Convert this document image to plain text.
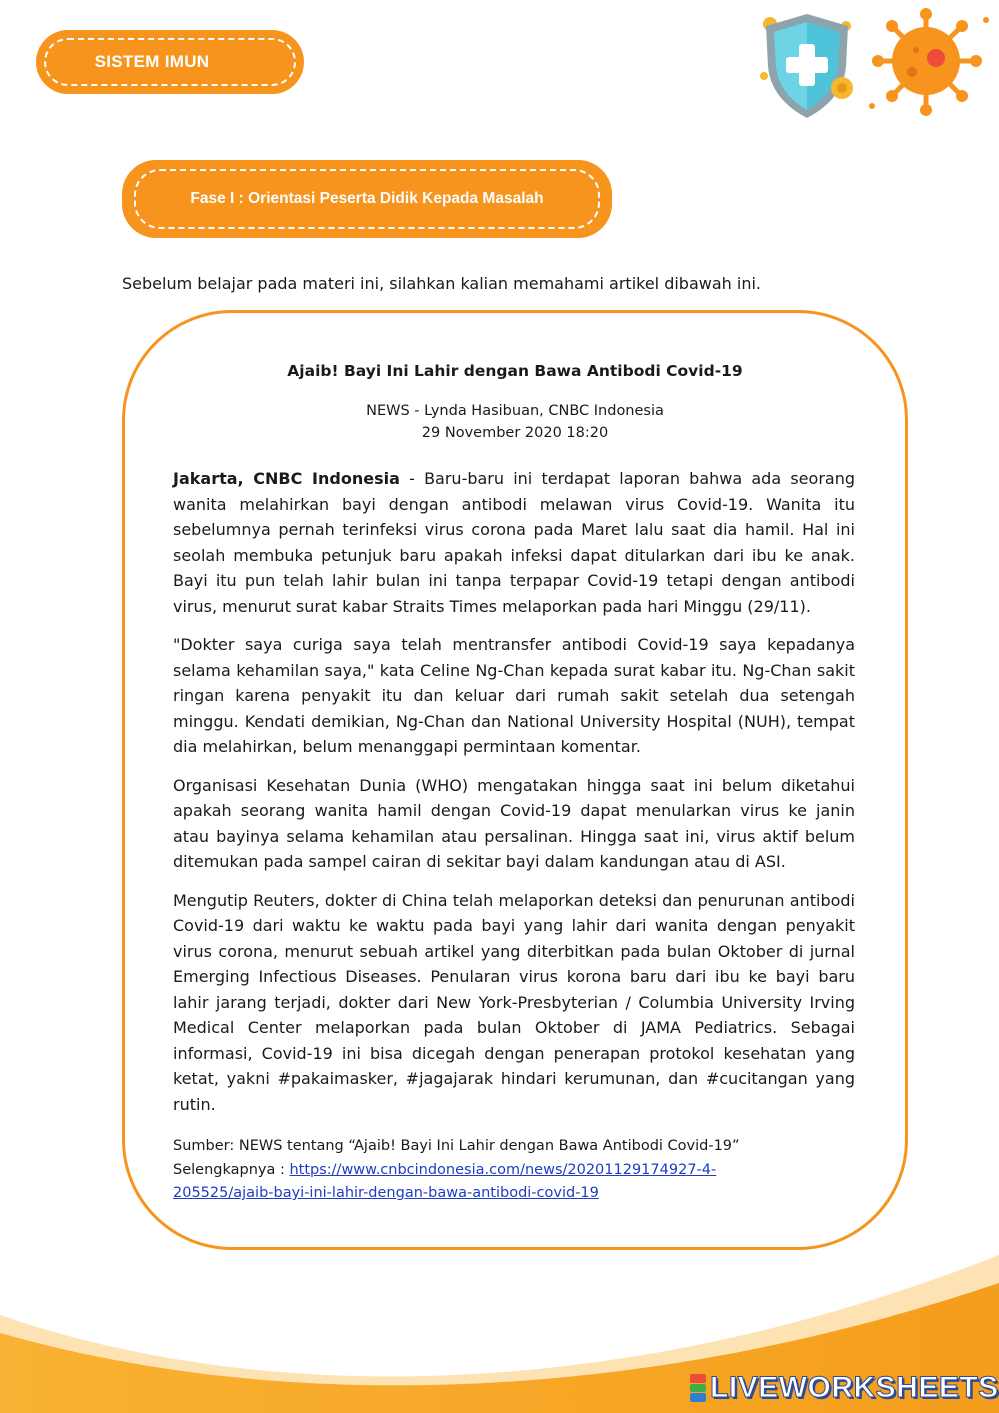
SISTEM IMUN
Fase I : Orientasi Peserta Didik Kepada Masalah
Sebelum belajar pada materi ini, silahkan kalian memahami artikel dibawah ini.
Ajaib! Bayi Ini Lahir dengan Bawa Antibodi Covid-19
NEWS - Lynda Hasibuan, CNBC Indonesia
29 November 2020 18:20

Jakarta, CNBC Indonesia - Baru-baru ini terdapat laporan bahwa ada seorang wanita melahirkan bayi dengan antibodi melawan virus Covid-19. Wanita itu sebelumnya pernah terinfeksi virus corona pada Maret lalu saat dia hamil. Hal ini seolah membuka petunjuk baru apakah infeksi dapat ditularkan dari ibu ke anak. Bayi itu pun telah lahir bulan ini tanpa terpapar Covid-19 tetapi dengan antibodi virus, menurut surat kabar Straits Times melaporkan pada hari Minggu (29/11).

"Dokter saya curiga saya telah mentransfer antibodi Covid-19 saya kepadanya selama kehamilan saya," kata Celine Ng-Chan kepada surat kabar itu. Ng-Chan sakit ringan karena penyakit itu dan keluar dari rumah sakit setelah dua setengah minggu. Kendati demikian, Ng-Chan dan National University Hospital (NUH), tempat dia melahirkan, belum menanggapi permintaan komentar.

Organisasi Kesehatan Dunia (WHO) mengatakan hingga saat ini belum diketahui apakah seorang wanita hamil dengan Covid-19 dapat menularkan virus ke janin atau bayinya selama kehamilan atau persalinan. Hingga saat ini, virus aktif belum ditemukan pada sampel cairan di sekitar bayi dalam kandungan atau di ASI.

Mengutip Reuters, dokter di China telah melaporkan deteksi dan penurunan antibodi Covid-19 dari waktu ke waktu pada bayi yang lahir dari wanita dengan penyakit virus corona, menurut sebuah artikel yang diterbitkan pada bulan Oktober di jurnal Emerging Infectious Diseases. Penularan virus korona baru dari ibu ke bayi baru lahir jarang terjadi, dokter dari New York-Presbyterian / Columbia University Irving Medical Center melaporkan pada bulan Oktober di JAMA Pediatrics. Sebagai informasi, Covid-19 ini bisa dicegah dengan penerapan protokol kesehatan yang ketat, yakni #pakaimasker, #jagajarak hindari kerumunan, dan #cucitangan yang rutin.

Sumber: NEWS tentang “Ajaib! Bayi Ini Lahir dengan Bawa Antibodi Covid-19”
Selengkapnya : https://www.cnbcindonesia.com/news/20201129174927-4-
205525/ajaib-bayi-ini-lahir-dengan-bawa-antibodi-covid-19
LIVEWORKSHEETS
